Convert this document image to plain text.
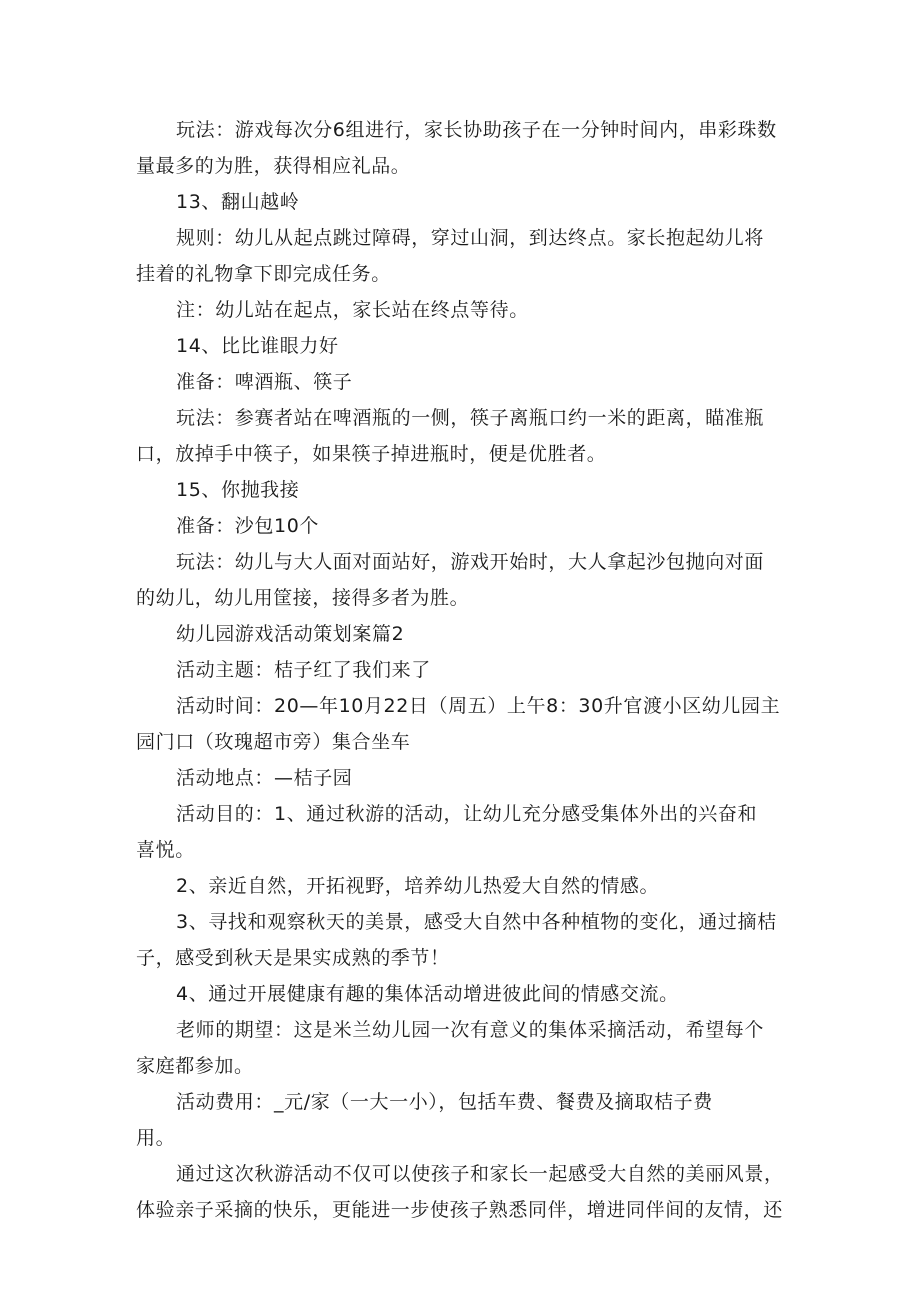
玩法：游戏每次分6组进行，家长协助孩子在一分钟时间内，串彩珠数
量最多的为胜，获得相应礼品。

13、翻山越岭

规则：幼儿从起点跳过障碍，穿过山洞，到达终点。家长抱起幼儿将
挂着的礼物拿下即完成任务。

注：幼儿站在起点，家长站在终点等待。

14、比比谁眼力好

准备：啤酒瓶、筷子

玩法：参赛者站在啤酒瓶的一侧，筷子离瓶口约一米的距离，瞄准瓶
口，放掉手中筷子，如果筷子掉进瓶时，便是优胜者。

15、你抛我接

准备：沙包10个

玩法：幼儿与大人面对面站好，游戏开始时，大人拿起沙包抛向对面
的幼儿，幼儿用筐接，接得多者为胜。

幼儿园游戏活动策划案篇2

活动主题：桔子红了我们来了

活动时间：20—年10月22日（周五）上午8：30升官渡小区幼儿园主
园门口（玫瑰超市旁）集合坐车

活动地点：—桔子园

活动目的：1、通过秋游的活动，让幼儿充分感受集体外出的兴奋和
喜悦。

2、亲近自然，开拓视野，培养幼儿热爱大自然的情感。

3、寻找和观察秋天的美景，感受大自然中各种植物的变化，通过摘桔
子，感受到秋天是果实成熟的季节！

4、通过开展健康有趣的集体活动增进彼此间的情感交流。

老师的期望：这是米兰幼儿园一次有意义的集体采摘活动，希望每个
家庭都参加。

活动费用：_元/家（一大一小），包括车费、餐费及摘取桔子费
用。

通过这次秋游活动不仅可以使孩子和家长一起感受大自然的美丽风景，
体验亲子采摘的快乐，更能进一步使孩子熟悉同伴，增进同伴间的友情，还
